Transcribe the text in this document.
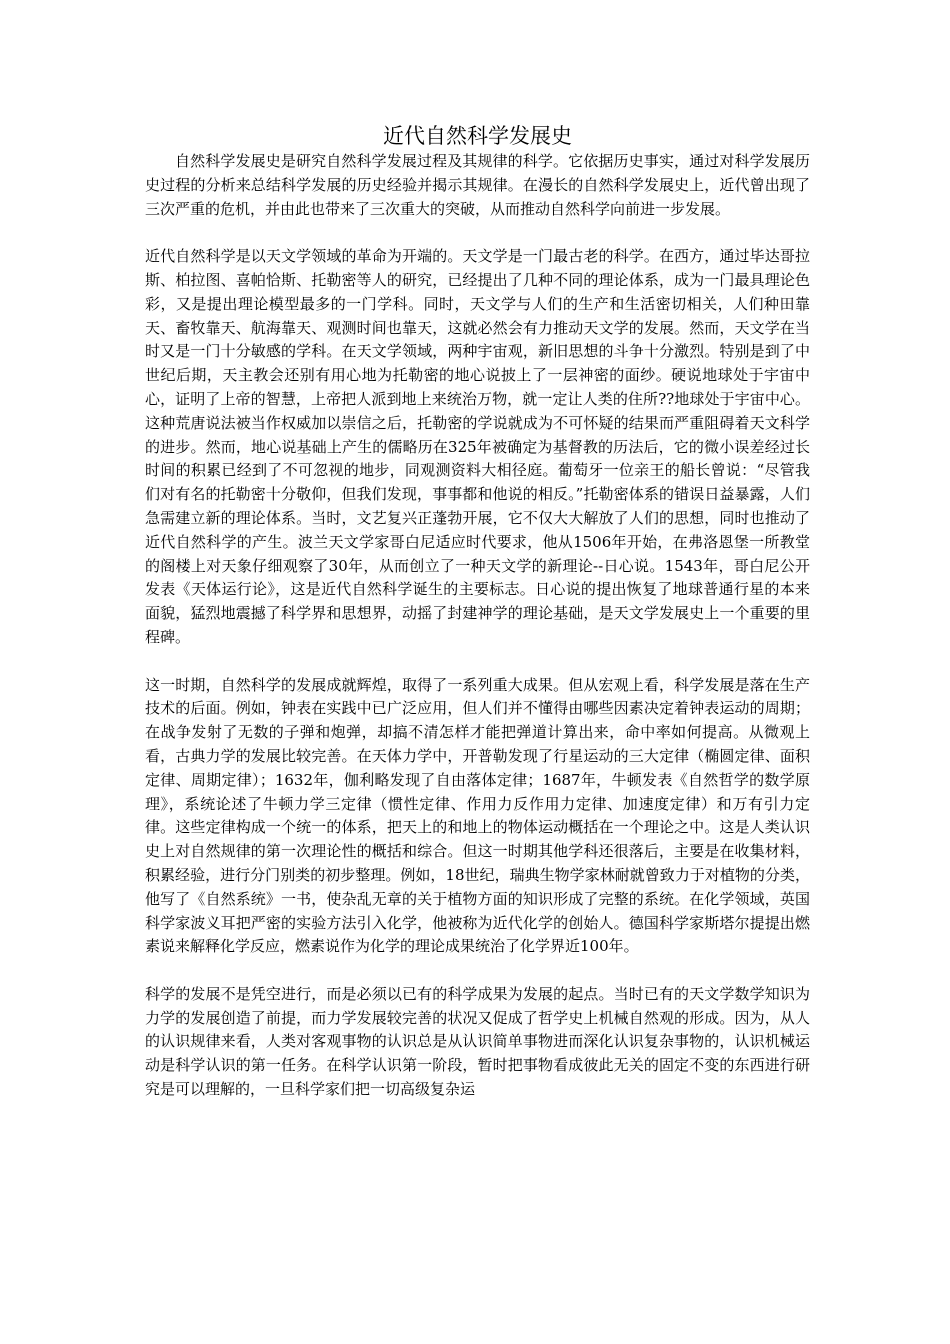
近代自然科学发展史

自然科学发展史是研究自然科学发展过程及其规律的科学。它依据历史事实，通过对科学发展历史过程的分析来总结科学发展的历史经验并揭示其规律。在漫长的自然科学发展史上，近代曾出现了三次严重的危机，并由此也带来了三次重大的突破，从而推动自然科学向前进一步发展。

近代自然科学是以天文学领域的革命为开端的。天文学是一门最古老的科学。在西方，通过毕达哥拉斯、柏拉图、喜帕恰斯、托勒密等人的研究，已经提出了几种不同的理论体系，成为一门最具理论色彩，又是提出理论模型最多的一门学科。同时，天文学与人们的生产和生活密切相关，人们种田靠天、畜牧靠天、航海靠天、观测时间也靠天，这就必然会有力推动天文学的发展。然而，天文学在当时又是一门十分敏感的学科。在天文学领域，两种宇宙观，新旧思想的斗争十分激烈。特别是到了中世纪后期，天主教会还别有用心地为托勒密的地心说披上了一层神密的面纱。硬说地球处于宇宙中心，证明了上帝的智慧，上帝把人派到地上来统治万物，就一定让人类的住所??地球处于宇宙中心。这种荒唐说法被当作权威加以崇信之后，托勒密的学说就成为不可怀疑的结果而严重阻碍着天文科学的进步。然而，地心说基础上产生的儒略历在325年被确定为基督教的历法后，它的微小误差经过长时间的积累已经到了不可忽视的地步，同观测资料大相径庭。葡萄牙一位亲王的船长曾说：“尽管我们对有名的托勒密十分敬仰，但我们发现，事事都和他说的相反。”托勒密体系的错误日益暴露，人们急需建立新的理论体系。当时，文艺复兴正蓬勃开展，它不仅大大解放了人们的思想，同时也推动了近代自然科学的产生。波兰天文学家哥白尼适应时代要求，他从1506年开始，在弗洛恩堡一所教堂的阁楼上对天象仔细观察了30年，从而创立了一种天文学的新理论--日心说。1543年，哥白尼公开发表《天体运行论》，这是近代自然科学诞生的主要标志。日心说的提出恢复了地球普通行星的本来面貌，猛烈地震撼了科学界和思想界，动摇了封建神学的理论基础，是天文学发展史上一个重要的里程碑。

这一时期，自然科学的发展成就辉煌，取得了一系列重大成果。但从宏观上看，科学发展是落在生产技术的后面。例如，钟表在实践中已广泛应用，但人们并不懂得由哪些因素决定着钟表运动的周期；在战争发射了无数的子弹和炮弹，却搞不清怎样才能把弹道计算出来，命中率如何提高。从微观上看，古典力学的发展比较完善。在天体力学中，开普勒发现了行星运动的三大定律（椭圆定律、面积定律、周期定律）；1632年，伽利略发现了自由落体定律；1687年，牛顿发表《自然哲学的数学原理》，系统论述了牛顿力学三定律（惯性定律、作用力反作用力定律、加速度定律）和万有引力定律。这些定律构成一个统一的体系，把天上的和地上的物体运动概括在一个理论之中。这是人类认识史上对自然规律的第一次理论性的概括和综合。但这一时期其他学科还很落后，主要是在收集材料，积累经验，进行分门别类的初步整理。例如，18世纪，瑞典生物学家林耐就曾致力于对植物的分类，他写了《自然系统》一书，使杂乱无章的关于植物方面的知识形成了完整的系统。在化学领域，英国科学家波义耳把严密的实验方法引入化学，他被称为近代化学的创始人。德国科学家斯塔尔提提出燃素说来解释化学反应，燃素说作为化学的理论成果统治了化学界近100年。

科学的发展不是凭空进行，而是必须以已有的科学成果为发展的起点。当时已有的天文学数学知识为力学的发展创造了前提，而力学发展较完善的状况又促成了哲学史上机械自然观的形成。因为，从人的认识规律来看，人类对客观事物的认识总是从认识简单事物进而深化认识复杂事物的，认识机械运动是科学认识的第一任务。在科学认识第一阶段，暂时把事物看成彼此无关的固定不变的东西进行研究是可以理解的，一旦科学家们把一切高级复杂运
